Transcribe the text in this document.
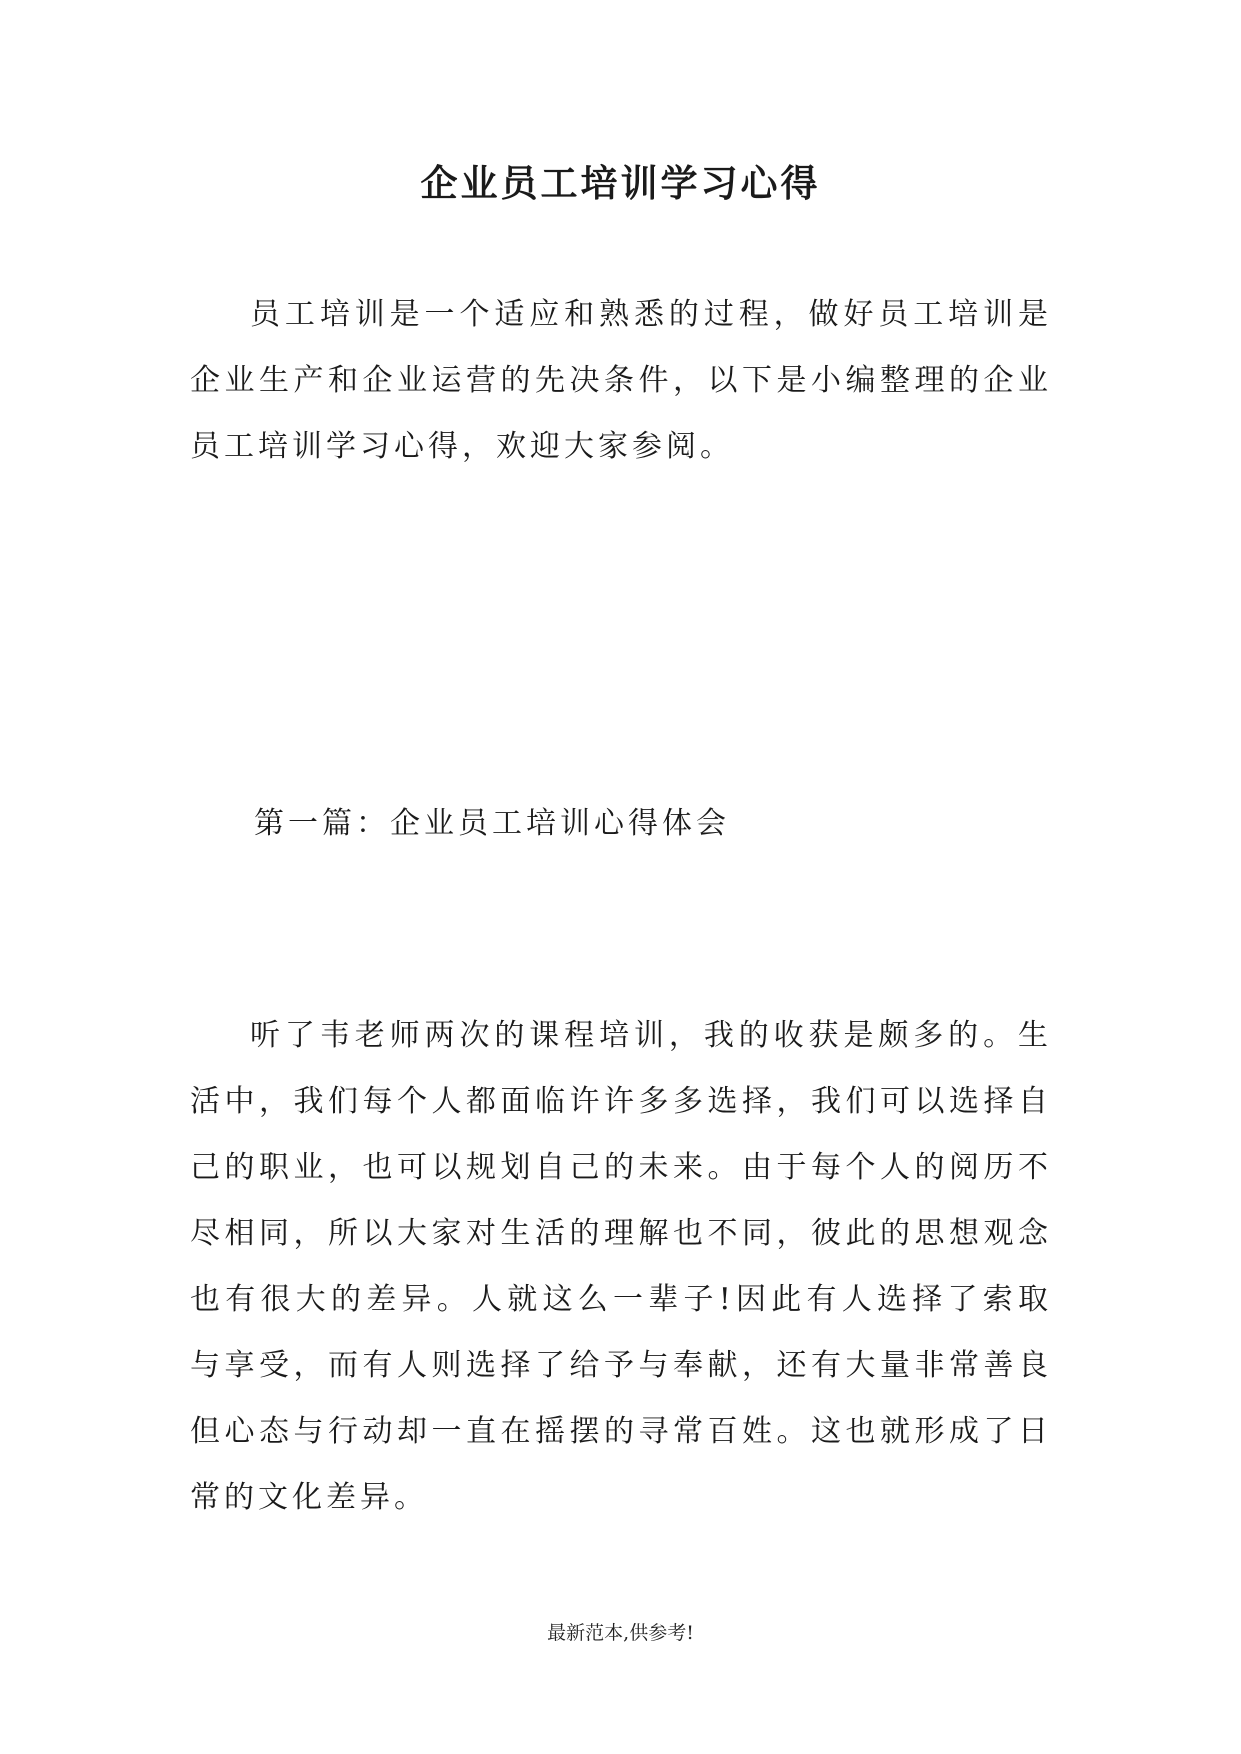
企业员工培训学习心得

员工培训是一个适应和熟悉的过程，做好员工培训是企业生产和企业运营的先决条件，以下是小编整理的企业员工培训学习心得，欢迎大家参阅。

第一篇：企业员工培训心得体会

听了韦老师两次的课程培训，我的收获是颇多的。生活中，我们每个人都面临许许多多选择，我们可以选择自己的职业，也可以规划自己的未来。由于每个人的阅历不尽相同，所以大家对生活的理解也不同，彼此的思想观念也有很大的差异。人就这么一辈子!因此有人选择了索取与享受，而有人则选择了给予与奉献，还有大量非常善良但心态与行动却一直在摇摆的寻常百姓。这也就形成了日常的文化差异。

最新范本,供参考!
